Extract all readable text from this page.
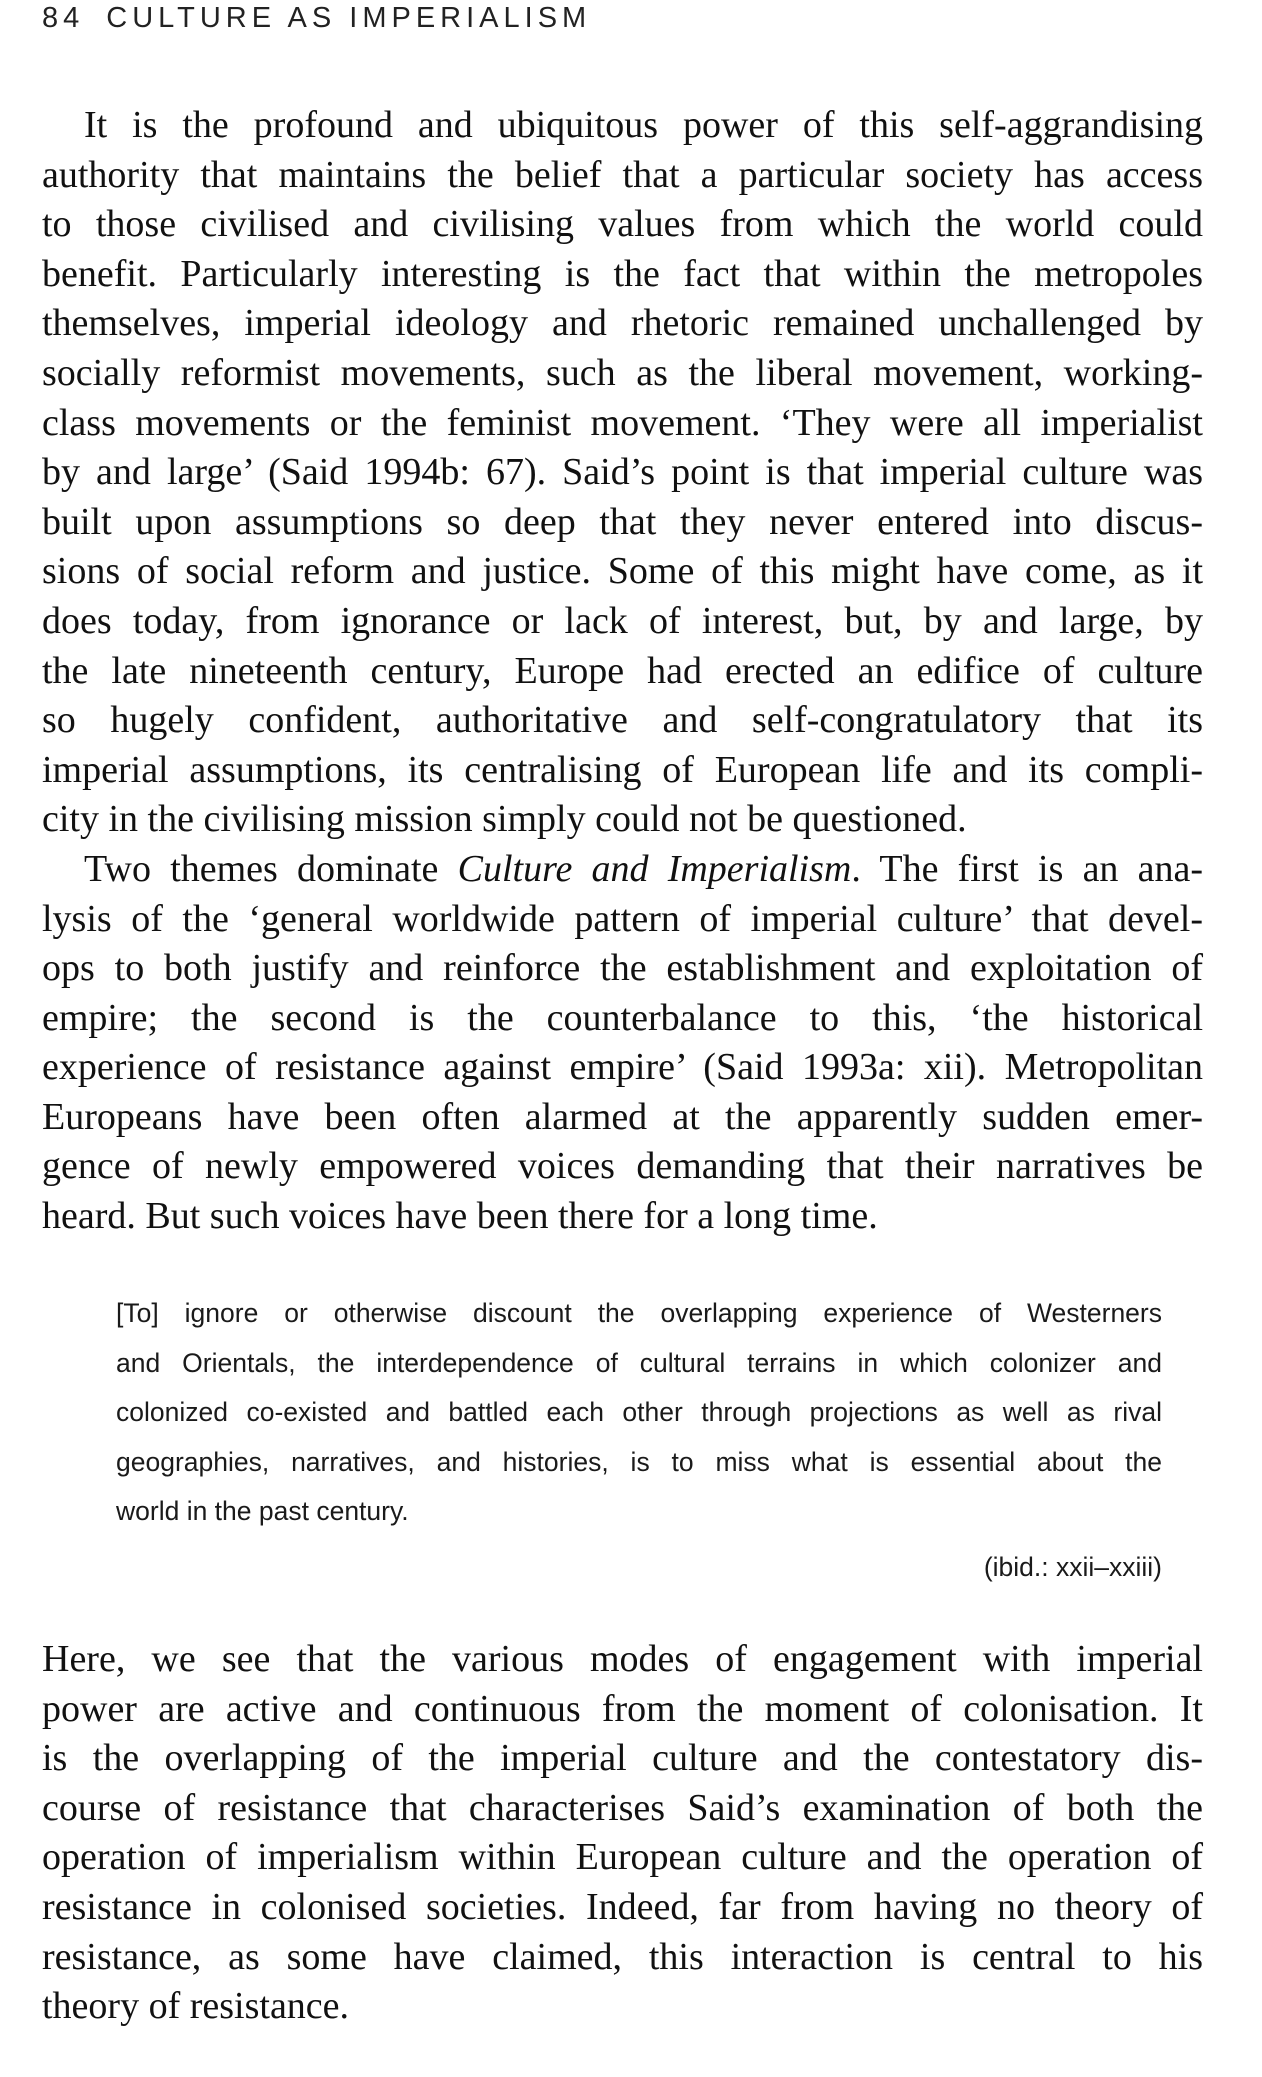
84 CULTURE AS IMPERIALISM
It is the profound and ubiquitous power of this self-aggrandising
authority that maintains the belief that a particular society has access
to those civilised and civilising values from which the world could
benefit. Particularly interesting is the fact that within the metropoles
themselves, imperial ideology and rhetoric remained unchallenged by
socially reformist movements, such as the liberal movement, working-
class movements or the feminist movement. ‘They were all imperialist
by and large’ (Said 1994b: 67). Said’s point is that imperial culture was
built upon assumptions so deep that they never entered into discus-
sions of social reform and justice. Some of this might have come, as it
does today, from ignorance or lack of interest, but, by and large, by
the late nineteenth century, Europe had erected an edifice of culture
so hugely confident, authoritative and self-congratulatory that its
imperial assumptions, its centralising of European life and its compli-
city in the civilising mission simply could not be questioned.
Two themes dominate Culture and Imperialism. The first is an ana-
lysis of the ‘general worldwide pattern of imperial culture’ that devel-
ops to both justify and reinforce the establishment and exploitation of
empire; the second is the counterbalance to this, ‘the historical
experience of resistance against empire’ (Said 1993a: xii). Metropolitan
Europeans have been often alarmed at the apparently sudden emer-
gence of newly empowered voices demanding that their narratives be
heard. But such voices have been there for a long time.
[To] ignore or otherwise discount the overlapping experience of Westerners
and Orientals, the interdependence of cultural terrains in which colonizer and
colonized co-existed and battled each other through projections as well as rival
geographies, narratives, and histories, is to miss what is essential about the
world in the past century.
(ibid.: xxii–xxiii)
Here, we see that the various modes of engagement with imperial
power are active and continuous from the moment of colonisation. It
is the overlapping of the imperial culture and the contestatory dis-
course of resistance that characterises Said’s examination of both the
operation of imperialism within European culture and the operation of
resistance in colonised societies. Indeed, far from having no theory of
resistance, as some have claimed, this interaction is central to his
theory of resistance.
